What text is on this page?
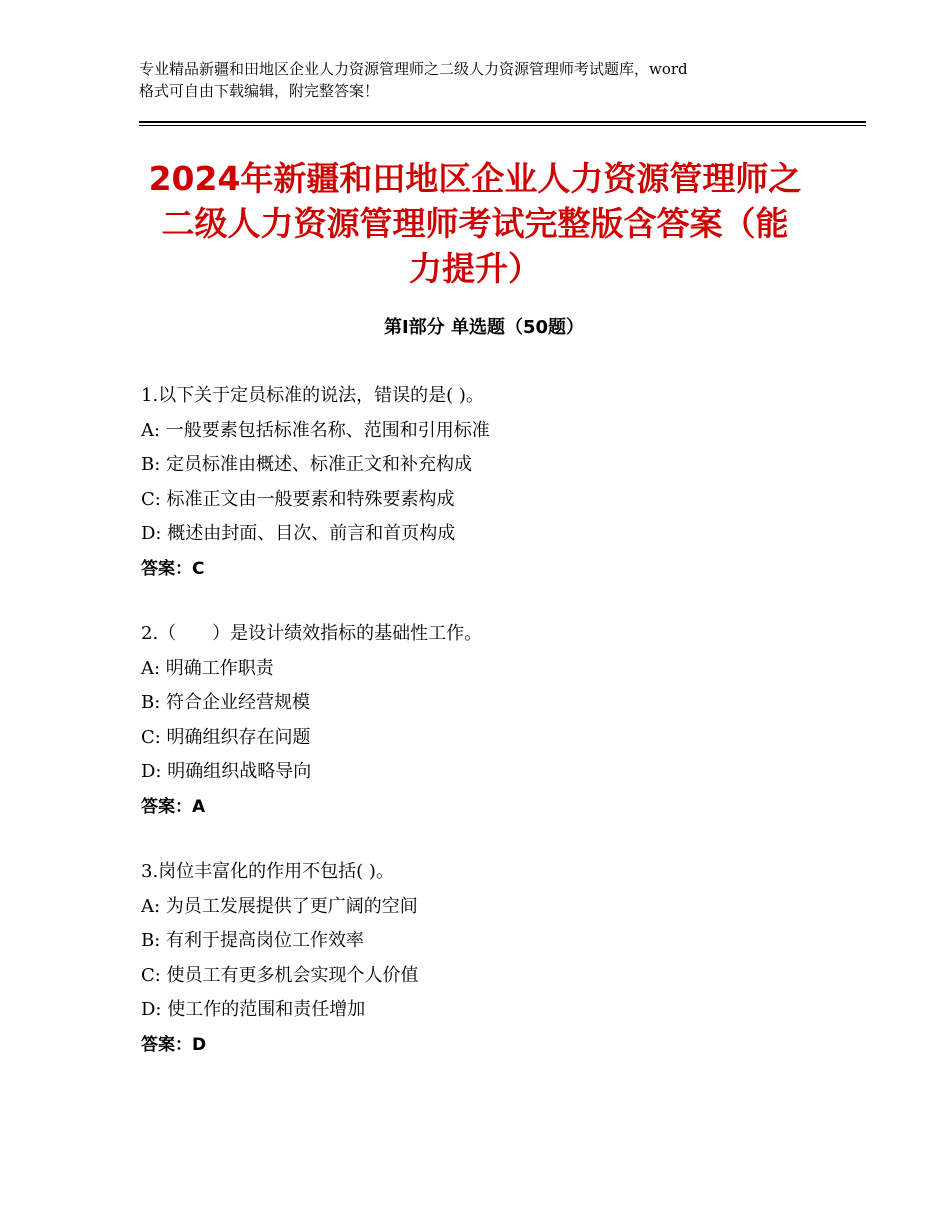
专业精品新疆和田地区企业人力资源管理师之二级人力资源管理师考试题库，word
格式可自由下载编辑，附完整答案！
2024年新疆和田地区企业人力资源管理师之
二级人力资源管理师考试完整版含答案（能
力提升）
第Ⅰ部分 单选题（50题）
1.以下关于定员标准的说法，错误的是( )。
A: 一般要素包括标准名称、范围和引用标准
B: 定员标准由概述、标准正文和补充构成
C: 标准正文由一般要素和特殊要素构成
D: 概述由封面、目次、前言和首页构成
答案：C
2.（　　）是设计绩效指标的基础性工作。
A: 明确工作职责
B: 符合企业经营规模
C: 明确组织存在问题
D: 明确组织战略导向
答案：A
3.岗位丰富化的作用不包括( )。
A: 为员工发展提供了更广阔的空间
B: 有利于提高岗位工作效率
C: 使员工有更多机会实现个人价值
D: 使工作的范围和责任增加
答案：D
